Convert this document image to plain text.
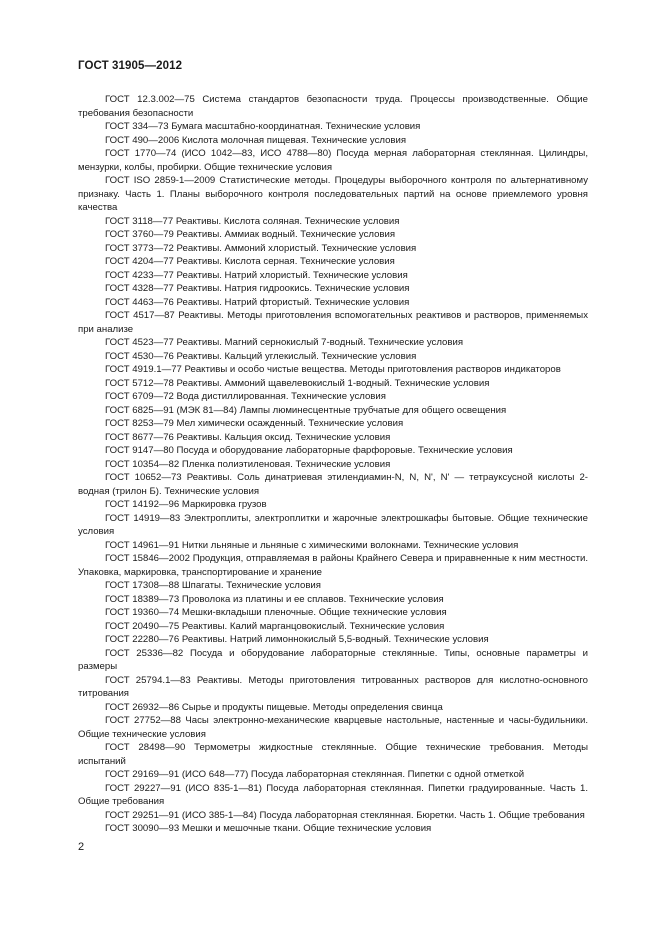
ГОСТ 31905—2012

ГОСТ 12.3.002—75 Система стандартов безопасности труда. Процессы производственные. Общие требования безопасности

ГОСТ 334—73 Бумага масштабно-координатная. Технические условия

ГОСТ 490—2006 Кислота молочная пищевая. Технические условия

ГОСТ 1770—74 (ИСО 1042—83, ИСО 4788—80) Посуда мерная лабораторная стеклянная. Цилиндры, мензурки, колбы, пробирки. Общие технические условия

ГОСТ ISO 2859-1—2009 Статистические методы. Процедуры выборочного контроля по альтернативному признаку. Часть 1. Планы выборочного контроля последовательных партий на основе приемлемого уровня качества

ГОСТ 3118—77 Реактивы. Кислота соляная. Технические условия

ГОСТ 3760—79 Реактивы. Аммиак водный. Технические условия

ГОСТ 3773—72 Реактивы. Аммоний хлористый. Технические условия

ГОСТ 4204—77 Реактивы. Кислота серная. Технические условия

ГОСТ 4233—77 Реактивы. Натрий хлористый. Технические условия

ГОСТ 4328—77 Реактивы. Натрия гидроокись. Технические условия

ГОСТ 4463—76 Реактивы. Натрий фтористый. Технические условия

ГОСТ 4517—87 Реактивы. Методы приготовления вспомогательных реактивов и растворов, применяемых при анализе

ГОСТ 4523—77 Реактивы. Магний сернокислый 7-водный. Технические условия

ГОСТ 4530—76 Реактивы. Кальций углекислый. Технические условия

ГОСТ 4919.1—77 Реактивы и особо чистые вещества. Методы приготовления растворов индикаторов

ГОСТ 5712—78 Реактивы. Аммоний щавелевокислый 1-водный. Технические условия

ГОСТ 6709—72 Вода дистиллированная. Технические условия

ГОСТ 6825—91 (МЭК 81—84) Лампы люминесцентные трубчатые для общего освещения

ГОСТ 8253—79 Мел химически осажденный. Технические условия

ГОСТ 8677—76 Реактивы. Кальция оксид. Технические условия

ГОСТ 9147—80 Посуда и оборудование лабораторные фарфоровые. Технические условия

ГОСТ 10354—82 Пленка полиэтиленовая. Технические условия

ГОСТ 10652—73 Реактивы. Соль динатриевая этилендиамин-N, N, N', N' — тетрауксусной кислоты 2-водная (трилон Б). Технические условия

ГОСТ 14192—96 Маркировка грузов

ГОСТ 14919—83 Электроплиты, электроплитки и жарочные электрошкафы бытовые. Общие технические условия

ГОСТ 14961—91 Нитки льняные и льняные с химическими волокнами. Технические условия

ГОСТ 15846—2002 Продукция, отправляемая в районы Крайнего Севера и приравненные к ним местности. Упаковка, маркировка, транспортирование и хранение

ГОСТ 17308—88 Шпагаты. Технические условия

ГОСТ 18389—73 Проволока из платины и ее сплавов. Технические условия

ГОСТ 19360—74 Мешки-вкладыши пленочные. Общие технические условия

ГОСТ 20490—75 Реактивы. Калий марганцовокислый. Технические условия

ГОСТ 22280—76 Реактивы. Натрий лимоннокислый 5,5-водный. Технические условия

ГОСТ 25336—82 Посуда и оборудование лабораторные стеклянные. Типы, основные параметры и размеры

ГОСТ 25794.1—83 Реактивы. Методы приготовления титрованных растворов для кислотно-основного титрования

ГОСТ 26932—86 Сырье и продукты пищевые. Методы определения свинца

ГОСТ 27752—88 Часы электронно-механические кварцевые настольные, настенные и часы-будильники. Общие технические условия

ГОСТ 28498—90 Термометры жидкостные стеклянные. Общие технические требования. Методы испытаний

ГОСТ 29169—91 (ИСО 648—77) Посуда лабораторная стеклянная. Пипетки с одной отметкой

ГОСТ 29227—91 (ИСО 835-1—81) Посуда лабораторная стеклянная. Пипетки градуированные. Часть 1. Общие требования

ГОСТ 29251—91 (ИСО 385-1—84) Посуда лабораторная стеклянная. Бюретки. Часть 1. Общие требования

ГОСТ 30090—93 Мешки и мешочные ткани. Общие технические условия

2
